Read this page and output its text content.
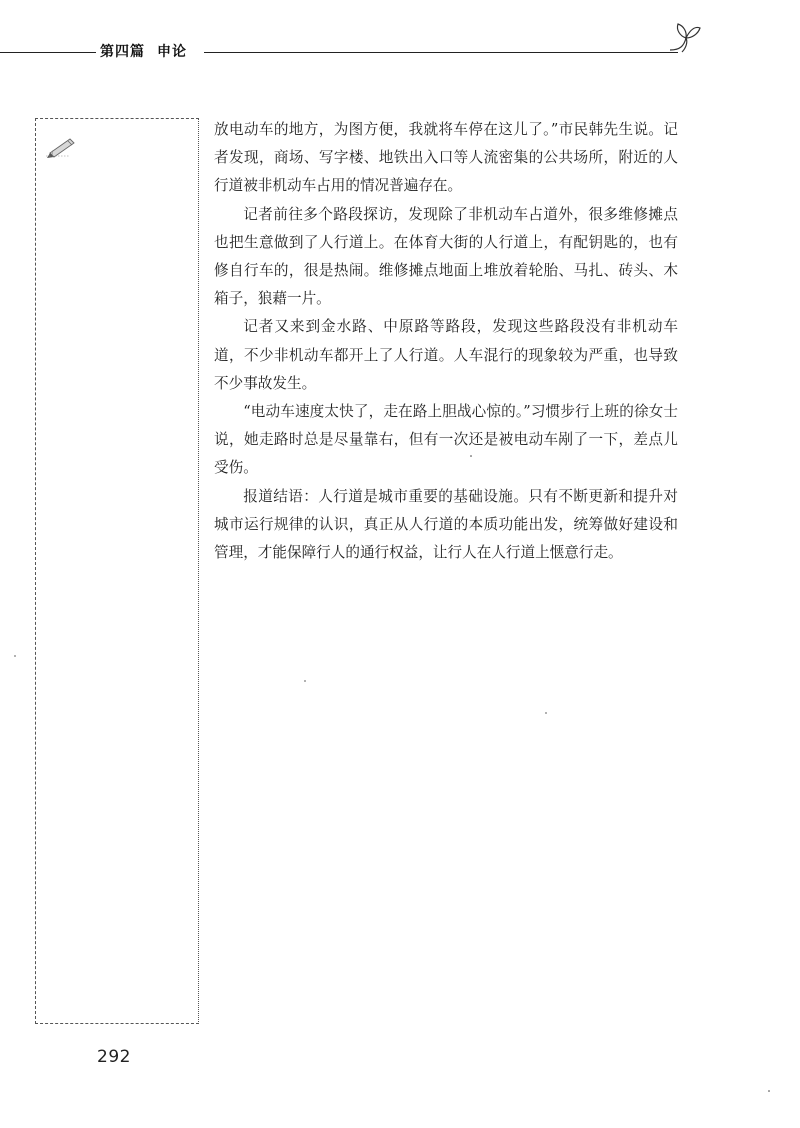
第四篇 申论

放电动车的地方，为图方便，我就将车停在这儿了。”市民韩先生说。记者发现，商场、写字楼、地铁出入口等人流密集的公共场所，附近的人行道被非机动车占用的情况普遍存在。

记者前往多个路段探访，发现除了非机动车占道外，很多维修摊点也把生意做到了人行道上。在体育大街的人行道上，有配钥匙的，也有修自行车的，很是热闹。维修摊点地面上堆放着轮胎、马扎、砖头、木箱子，狼藉一片。

记者又来到金水路、中原路等路段，发现这些路段没有非机动车道，不少非机动车都开上了人行道。人车混行的现象较为严重，也导致不少事故发生。

“电动车速度太快了，走在路上胆战心惊的。”习惯步行上班的徐女士说，她走路时总是尽量靠右，但有一次还是被电动车剐了一下，差点儿受伤。

报道结语：人行道是城市重要的基础设施。只有不断更新和提升对城市运行规律的认识，真正从人行道的本质功能出发，统筹做好建设和管理，才能保障行人的通行权益，让行人在人行道上惬意行走。

292
